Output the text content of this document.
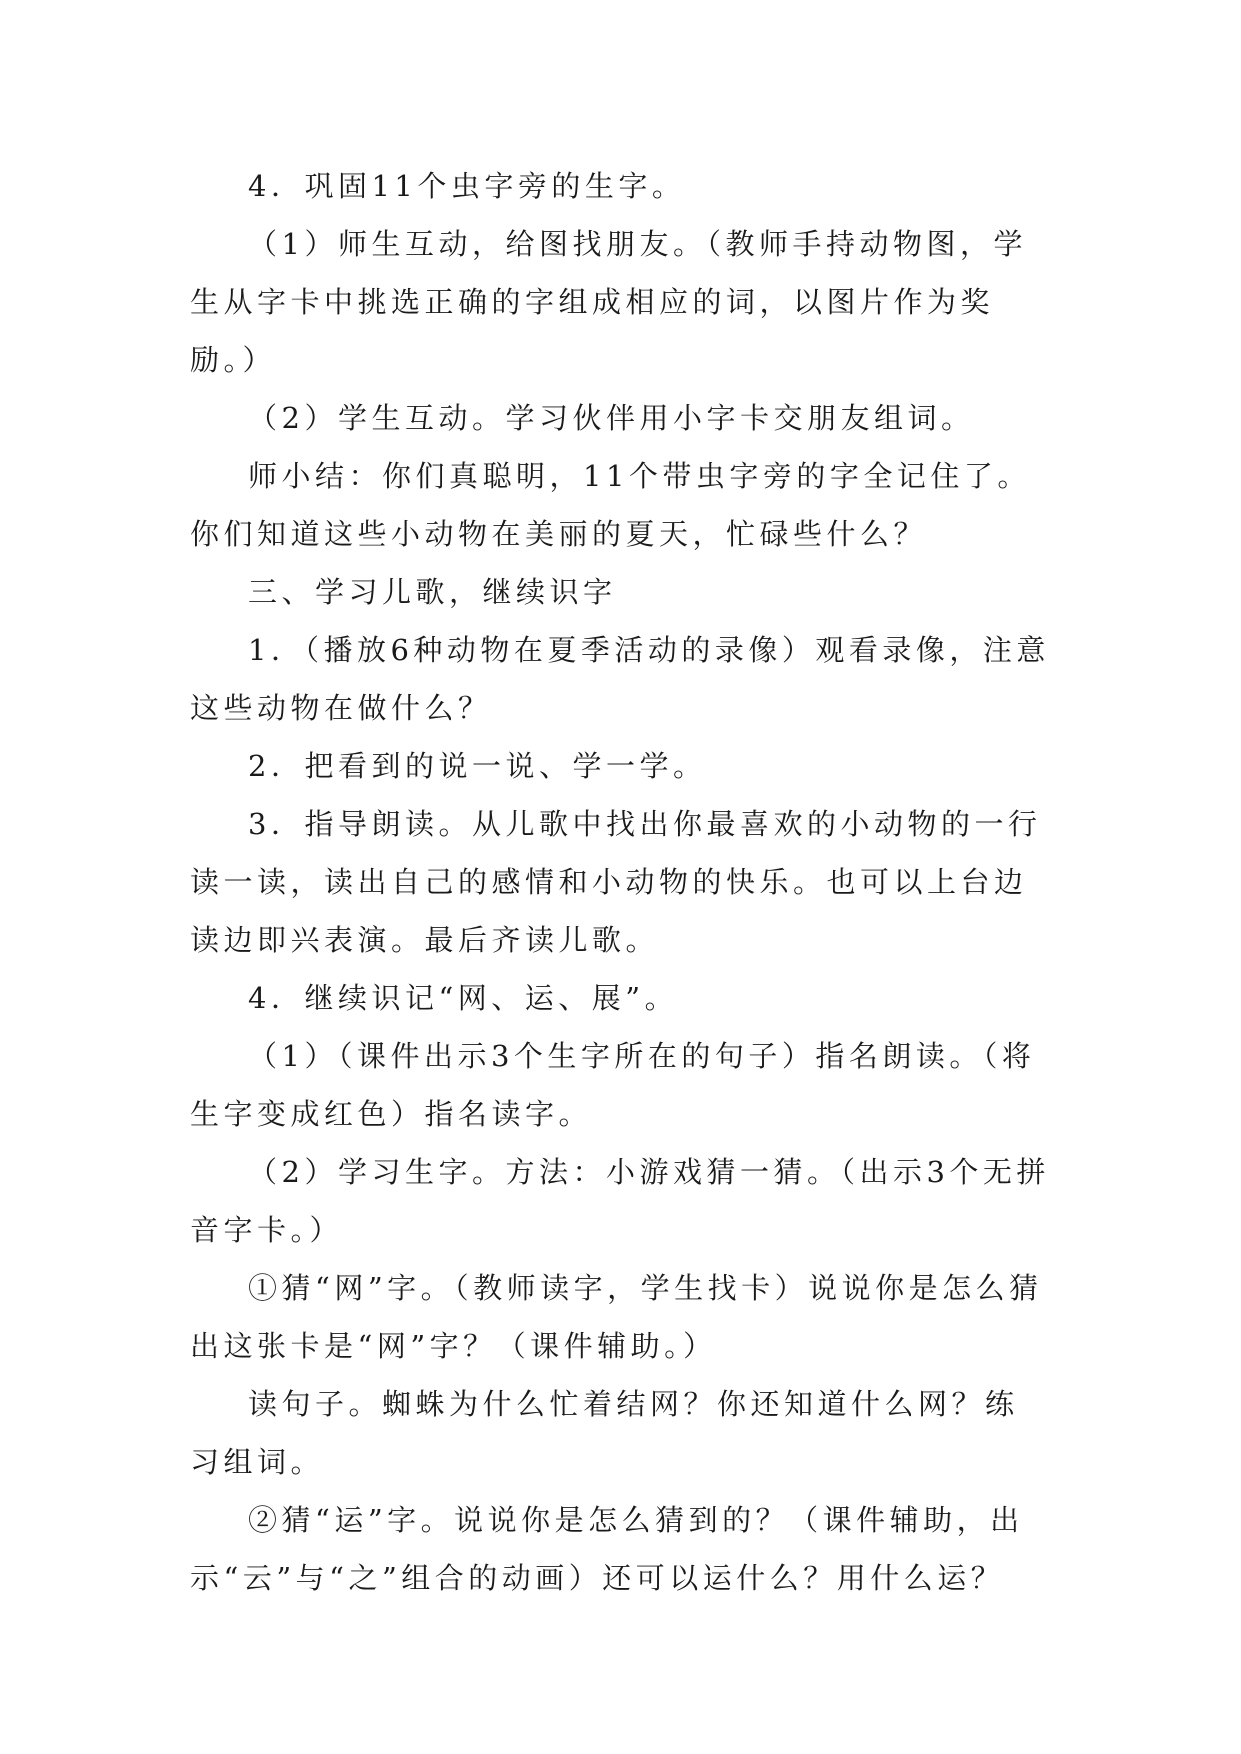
4．巩固11个虫字旁的生字。

（1）师生互动，给图找朋友。（教师手持动物图，学生从字卡中挑选正确的字组成相应的词，以图片作为奖励。）

（2）学生互动。学习伙伴用小字卡交朋友组词。

师小结：你们真聪明，11个带虫字旁的字全记住了。你们知道这些小动物在美丽的夏天，忙碌些什么？

三、学习儿歌，继续识字

1．（播放6种动物在夏季活动的录像）观看录像，注意这些动物在做什么？

2．把看到的说一说、学一学。

3．指导朗读。从儿歌中找出你最喜欢的小动物的一行读一读，读出自己的感情和小动物的快乐。也可以上台边读边即兴表演。最后齐读儿歌。

4．继续识记“网、运、展”。

（1）（课件出示3个生字所在的句子）指名朗读。（将生字变成红色）指名读字。

（2）学习生字。方法：小游戏猜一猜。（出示3个无拼音字卡。）

①猜“网”字。（教师读字，学生找卡）说说你是怎么猜出这张卡是“网”字？（课件辅助。）

读句子。蜘蛛为什么忙着结网？你还知道什么网？练习组词。

②猜“运”字。说说你是怎么猜到的？（课件辅助，出示“云”与“之”组合的动画）还可以运什么？用什么运？
